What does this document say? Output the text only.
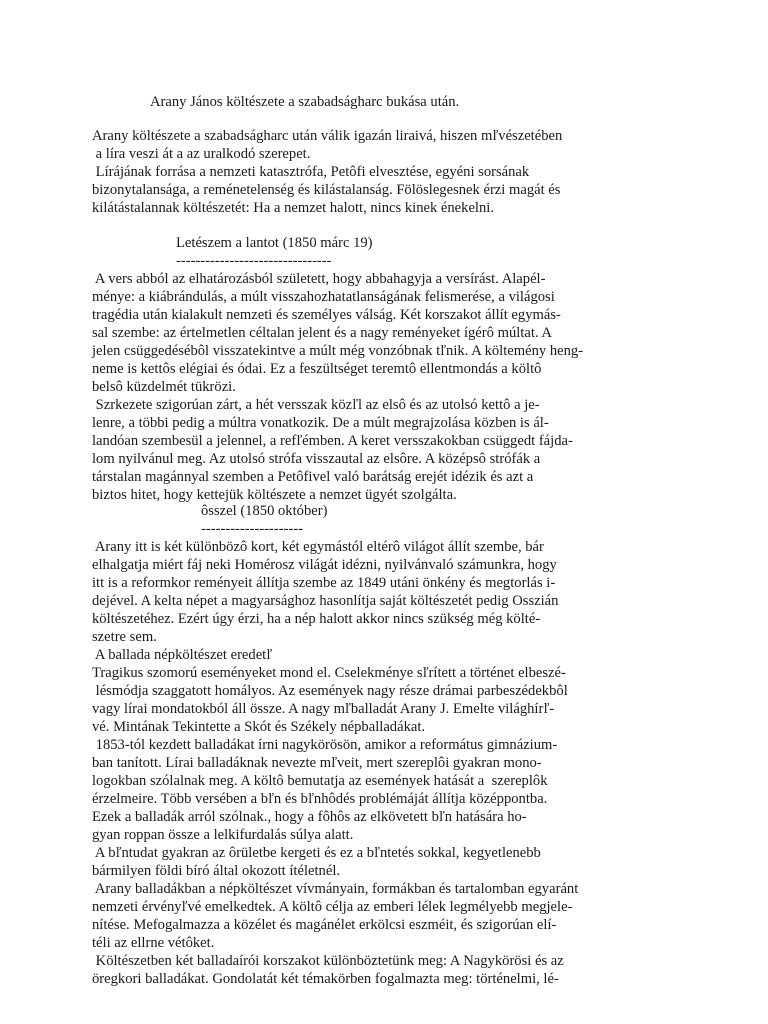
Arany János költészete a szabadságharc bukása után.
Arany költészete a szabadságharc után válik igazán lirai⁢vá, hiszen mľvészetében
a líra veszi át a az uralkodó szerepet.
Lírájának forrása a nemzeti katasztrófa, Petôfi elvesztése, egyéni sorsának
bizonytalansága, a reménetelenség és kilástalanság. Fölöslegesnek érzi magát és
kilátástalannak költészetét: Ha a nemzet halott, nincs kinek énekelni.
Letészem a lantot (1850 márc 19)
--------------------------------
A vers abból az elhatározásból született, hogy abbahagyja a versírást. Alapél-
ménye: a kiábrándulás, a múlt visszahozhatatlanságának felismerése, a világosi
tragédia után kialakult nemzeti és személyes válság. Két korszakot állít egymás-
sal szembe: az értelmetlen céltalan jelent és a nagy reményeket ígérô múltat. A
jelen csüggedésébôl visszatekintve a múlt még vonzóbnak tľnik. A költemény heng-
neme is kettôs elégiai és ódai. Ez a feszültséget teremtô ellentmondás a költô
belsô küzdelmét tükrözi.
Szrkezete szigorúan zárt, a hét versszak közľl az elsô és az utolsó kettô a je-
lenre, a többi pedig a múltra vonatkozik. De a múlt megrajzolása közben is ál-
landóan szembesül a jelennel, a refľémben. A keret versszakokban csüggedt fájda-
lom nyilvánul meg. Az utolsó strófa visszautal az elsôre. A középsô strófák a
társtalan magánnyal szemben a Petôfivel való barátság erejét idézik és azt a
biztos hitet, hogy kettejük költészete a nemzet ügyét szolgálta.
ôsszel (1850 október)
---------------------
Arany itt is két különbözô kort, két egymástól eltérô világot állít szembe, bár
elhalgatja miért fáj neki Homérosz világát idézni, nyilvánvaló számunkra, hogy
itt is a reformkor reményeit állítja szembe az 1849 utáni önkény és megtorlás i-
dejével. A kelta népet a magyarsághoz hasonlítja saját költészetét pedig Osszián
költészetéhez. Ezért úgy érzi, ha a nép halott akkor nincs szükség még költé-
szetre sem.
A ballada népköltészet eredetľ
Tragikus szomorú eseményeket mond el. Cselekménye sľrített a történet elbeszé-
lésmódja szaggatott homályos. Az események nagy része drámai parbeszédekbôl
vagy lírai mondatokból áll össze. A nagy mľballadát Arany J. Emelte világhírľ-
vé. Mintának Tekintette a Skót és Székely népballadákat.
1853-tól kezdett balladákat írni nagykörösön, amikor a református gimnázium-
ban tanított. Lírai balladáknak nevezte mľveit, mert szereplôi gyakran mono-
logokban szólalnak meg. A költô bemutatja az események hatását a  szereplôk
érzelmeire. Több versében a bľn és bľnhôdés problémáját állítja középpontba.
Ezek a balladák arról szólnak., hogy a fôhôs az elkövetett bľn hatására ho-
gyan roppan össze a lelkifurdalás súlya alatt.
A bľntudat gyakran az ôrületbe kergeti és ez a bľntetés sokkal, kegyetlenebb
bármilyen földi bíró által okozott ítéletnél.
Arany balladákban a népköltészet vívmányain, formákban és tartalomban egyaránt
nemzeti érvényľvé emelkedtek. A költô célja az emberi lélek legmélyebb megjele-
nítése. Mefogalmazza a közélet és magánélet erkölcsi eszméit, és szigorúan elí-
téli az ellrne vétôket.
Költészetben két balladaírói korszakot különböztetünk meg: A Nagykörösi és az
öregkori balladákat. Gondolatát két témakörben fogalmazta meg: történelmi, lé-
